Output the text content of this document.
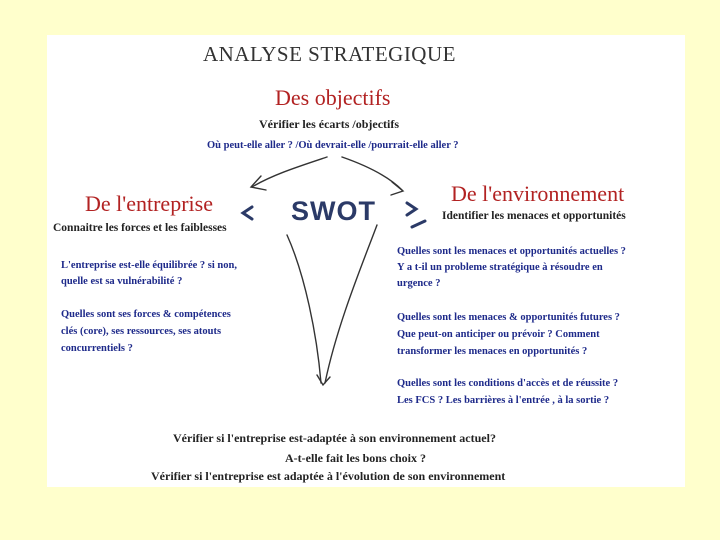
ANALYSE STRATEGIQUE
Des objectifs
Vérifier les écarts /objectifs
Où peut-elle aller ? /Où devrait-elle /pourrait-elle aller ?
De l'entreprise	SWOT
De l'environnement
Connaitre les forces et les faiblesses
Identifier les menaces et opportunités
L'entreprise est-elle équilibrée ? si non,
quelle est sa vulnérabilité ?
Quelles sont ses forces & compétences
clés (core), ses ressources, ses atouts
concurrentiels ?
Quelles sont les menaces et opportunités actuelles ?
Y a t-il un probleme stratégique à résoudre en
urgence ?
Quelles sont les menaces & opportunités futures ?
Que peut-on anticiper ou prévoir ? Comment
transformer les menaces en opportunités ?
Quelles sont les conditions d'accès et de réussite ?
Les FCS ? Les barrières à l'entrée , à la sortie ?
Vérifier si l'entreprise est-adaptée à son environnement actuel?
A-t-elle fait les bons choix ?
Vérifier si l'entreprise est adaptée à l'évolution de son environnement
